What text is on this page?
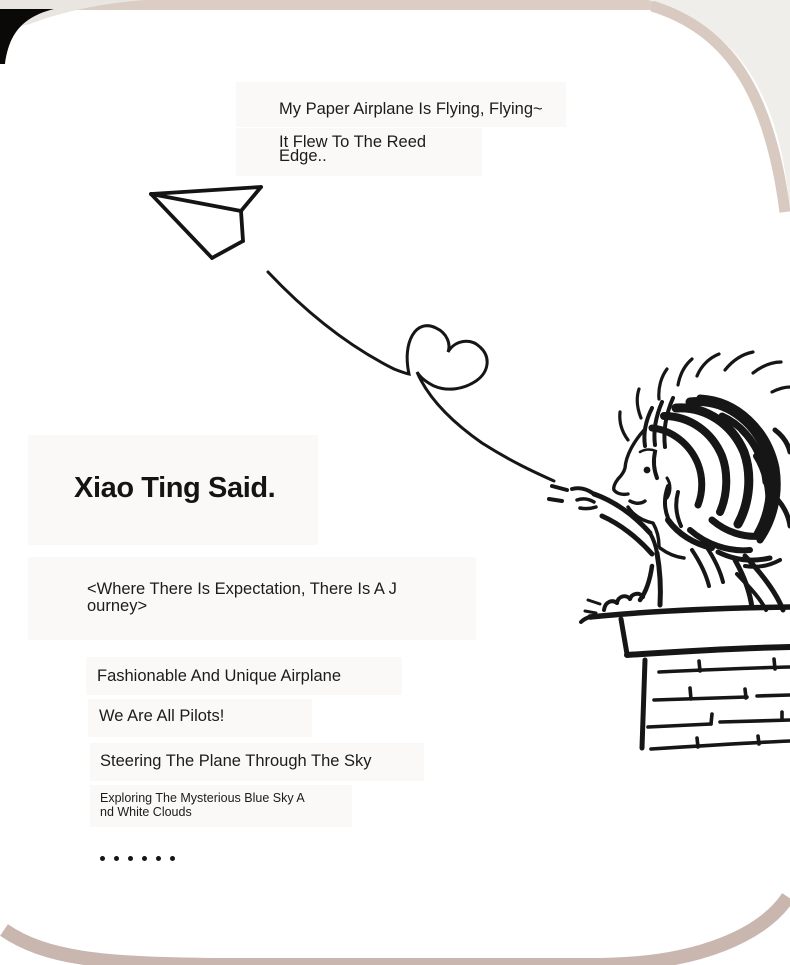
My Paper Airplane Is Flying, Flying~
It Flew To The Reed
Edge..
Xiao Ting Said.
<Where There Is Expectation, There Is A J
ourney>
Fashionable And Unique Airplane
We Are All Pilots!
Steering The Plane Through The Sky
Exploring The Mysterious Blue Sky A
nd White Clouds
